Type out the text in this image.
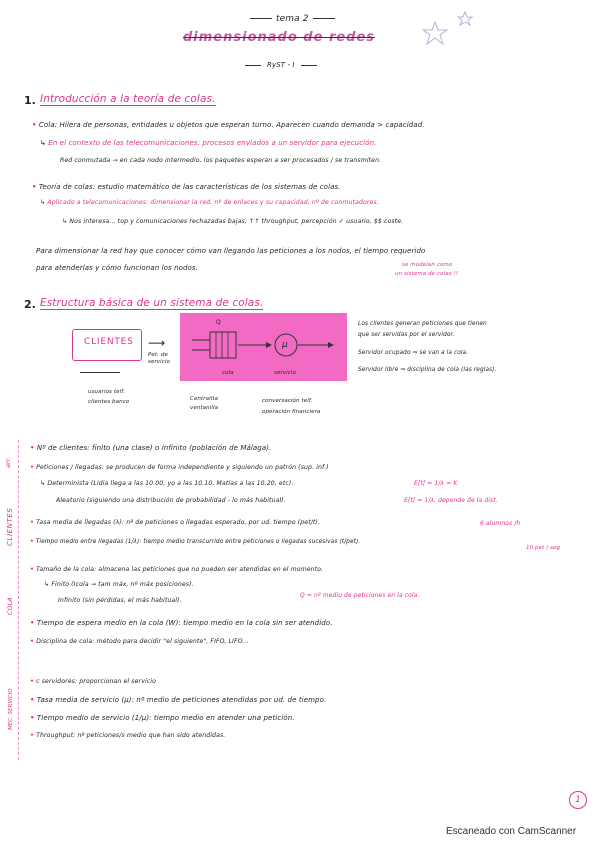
tema 2
dimensionado de redes
RyST - I
1. Introducción a la teoría de colas.
• Cola: Hilera de personas, entidades u objetos que esperan turno. Aparecen cuando demanda > capacidad.
↳ En el contexto de las telecomunicaciones: procesos enviados a un servidor para ejecución.
Red conmutada → en cada nodo intermedio, los paquetes esperan a ser procesados / se transmiten.
• Teoría de colas: estudio matemático de las características de los sistemas de colas.
↳ Aplicado a telecomunicaciones: dimensionar la red, nº de enlaces y su capacidad, nº de conmutadores.
↳ Nos interesa... top y comunicaciones rechazadas bajas, ↑↑ throughput, percepción ✓ usuario, $$ coste.
Para dimensionar la red hay que conocer cómo van llegando las peticiones a los nodos, el tiempo requerido
para atenderlas y cómo funcionan los nodos.	se modelan como
un sistema de colas !!
2. Estructura básica de un sistema de colas.
CLIENTES ⟶
Pet. de servicio
Q
μ
cola	servicio
usuarios telf.
clientes banco	Centralita
ventanilla
conversación telf.
operación financiera
Los clientes generan peticiones que tienen
que ser servidas por el servidor.
Servidor ocupado ⇒ se van a la cola.
Servidor libre ⇒ disciplina de cola (las reglas).
arr.
CLIENTES
COLA
MEC. SERVICIO
• Nº de clientes: finito (una clase) o infinito (población de Málaga).
• Peticiones / llegadas: se producen de forma independiente y siguiendo un patrón (sup. inf.)
↳ Determinista (Lidia llega a las 10.00, yo a las 10.10, Matías a las 10.20, etc).	E[t] = 1/λ = K
Aleatorio (siguiendo una distribución de probabilidad - lo más habitual).	E[t] = 1/λ, depende de la dist.
• Tasa media de llegadas (λ): nº de peticiones o llegadas esperado, por ud. tiempo (pet/t).	6 alumnos /h
• Tiempo medio entre llegadas (1/λ): tiempo medio transcurrido entre peticiones o llegadas sucesivas (t/pet).
10 pet / seg
• Tamaño de la cola: almacena las peticiones que no pueden ser atendidas en el momento.
↳ Finito (Icola → tam máx, nº máx posiciones).
Infinito (sin pérdidas, el más habitual).
Q = nº medio de peticiones en la cola.
• Tiempo de espera medio en la cola (W): tiempo medio en la cola sin ser atendido.
• Disciplina de cola: método para decidir "el siguiente", FIFO, LIFO...
• c servidores: proporcionan el servicio
• Tasa media de servicio (μ): nº medio de peticiones atendidas por ud. de tiempo.
• Tiempo medio de servicio (1/μ): tiempo medio en atender una petición.
• Throughput: nº peticiones/s medio que han sido atendidas.
1
Escaneado con CamScanner
